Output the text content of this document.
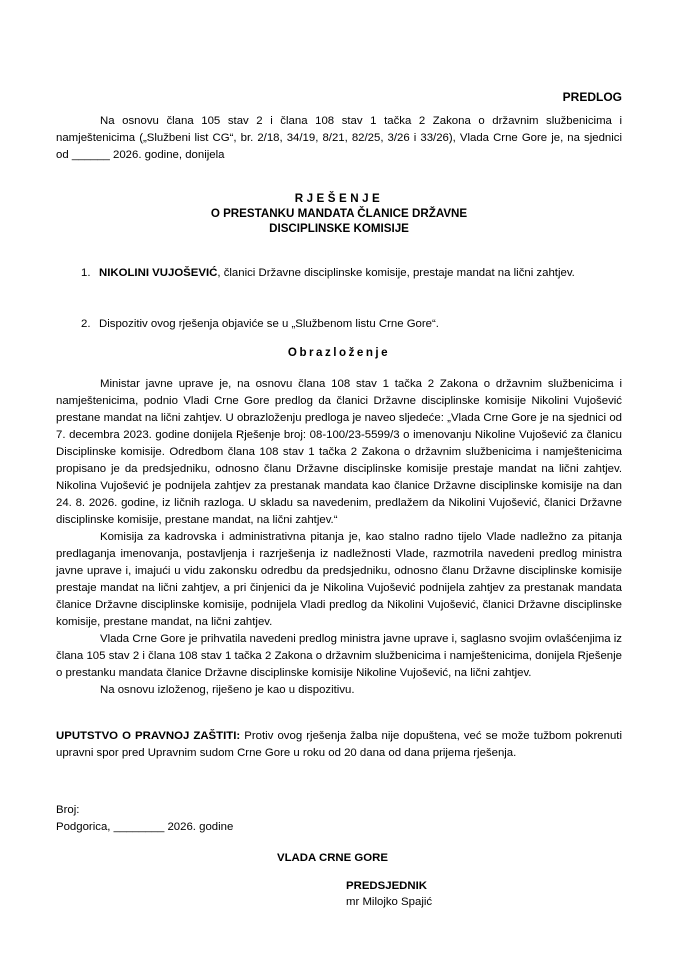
PREDLOG

Na osnovu člana 105 stav 2 i člana 108 stav 1 tačka 2 Zakona o državnim službenicima i namještenicima („Službeni list CG“, br. 2/18, 34/19, 8/21, 82/25, 3/26 i 33/26), Vlada Crne Gore je, na sjednici od ______ 2026. godine, donijela

RJEŠENJE
O PRESTANKU MANDATA ČLANICE DRŽAVNE
DISCIPLINSKE KOMISIJE
1. NIKOLINI VUJOŠEVIĆ, članici Državne disciplinske komisije, prestaje mandat na lični zahtjev.
2. Dispozitiv ovog rješenja objaviće se u „Službenom listu Crne Gore“.
Obrazloženje

Ministar javne uprave je, na osnovu člana 108 stav 1 tačka 2 Zakona o državnim službenicima i namještenicima, podnio Vladi Crne Gore predlog da članici Državne disciplinske komisije Nikolini Vujošević prestane mandat na lični zahtjev. U obrazloženju predloga je naveo sljedeće: „Vlada Crne Gore je na sjednici od 7. decembra 2023. godine donijela Rješenje broj: 08-100/23-5599/3 o imenovanju Nikoline Vujošević za članicu Disciplinske komisije. Odredbom člana 108 stav 1 tačka 2 Zakona o državnim službenicima i namještenicima propisano je da predsjedniku, odnosno članu Državne disciplinske komisije prestaje mandat na lični zahtjev. Nikolina Vujošević je podnijela zahtjev za prestanak mandata kao članice Državne disciplinske komisije na dan 24. 8. 2026. godine, iz ličnih razloga. U skladu sa navedenim, predlažem da Nikolini Vujošević, članici Državne disciplinske komisije, prestane mandat, na lični zahtjev.“

Komisija za kadrovska i administrativna pitanja je, kao stalno radno tijelo Vlade nadležno za pitanja predlaganja imenovanja, postavljenja i razrješenja iz nadležnosti Vlade, razmotrila navedeni predlog ministra javne uprave i, imajući u vidu zakonsku odredbu da predsjedniku, odnosno članu Državne disciplinske komisije prestaje mandat na lični zahtjev, a pri činjenici da je Nikolina Vujošević podnijela zahtjev za prestanak mandata članice Državne disciplinske komisije, podnijela Vladi predlog da Nikolini Vujošević, članici Državne disciplinske komisije, prestane mandat, na lični zahtjev.

Vlada Crne Gore je prihvatila navedeni predlog ministra javne uprave i, saglasno svojim ovlašćenjima iz člana 105 stav 2 i člana 108 stav 1 tačka 2 Zakona o državnim službenicima i namještenicima, donijela Rješenje o prestanku mandata članice Državne disciplinske komisije Nikoline Vujošević, na lični zahtjev.

Na osnovu izloženog, riješeno je kao u dispozitivu.

UPUTSTVO O PRAVNOJ ZAŠTITI: Protiv ovog rješenja žalba nije dopuštena, već se može tužbom pokrenuti upravni spor pred Upravnim sudom Crne Gore u roku od 20 dana od dana prijema rješenja.
Broj:
Podgorica, ________ 2026. godine
VLADA CRNE GORE
PREDSJEDNIK
mr Milojko Spajić
